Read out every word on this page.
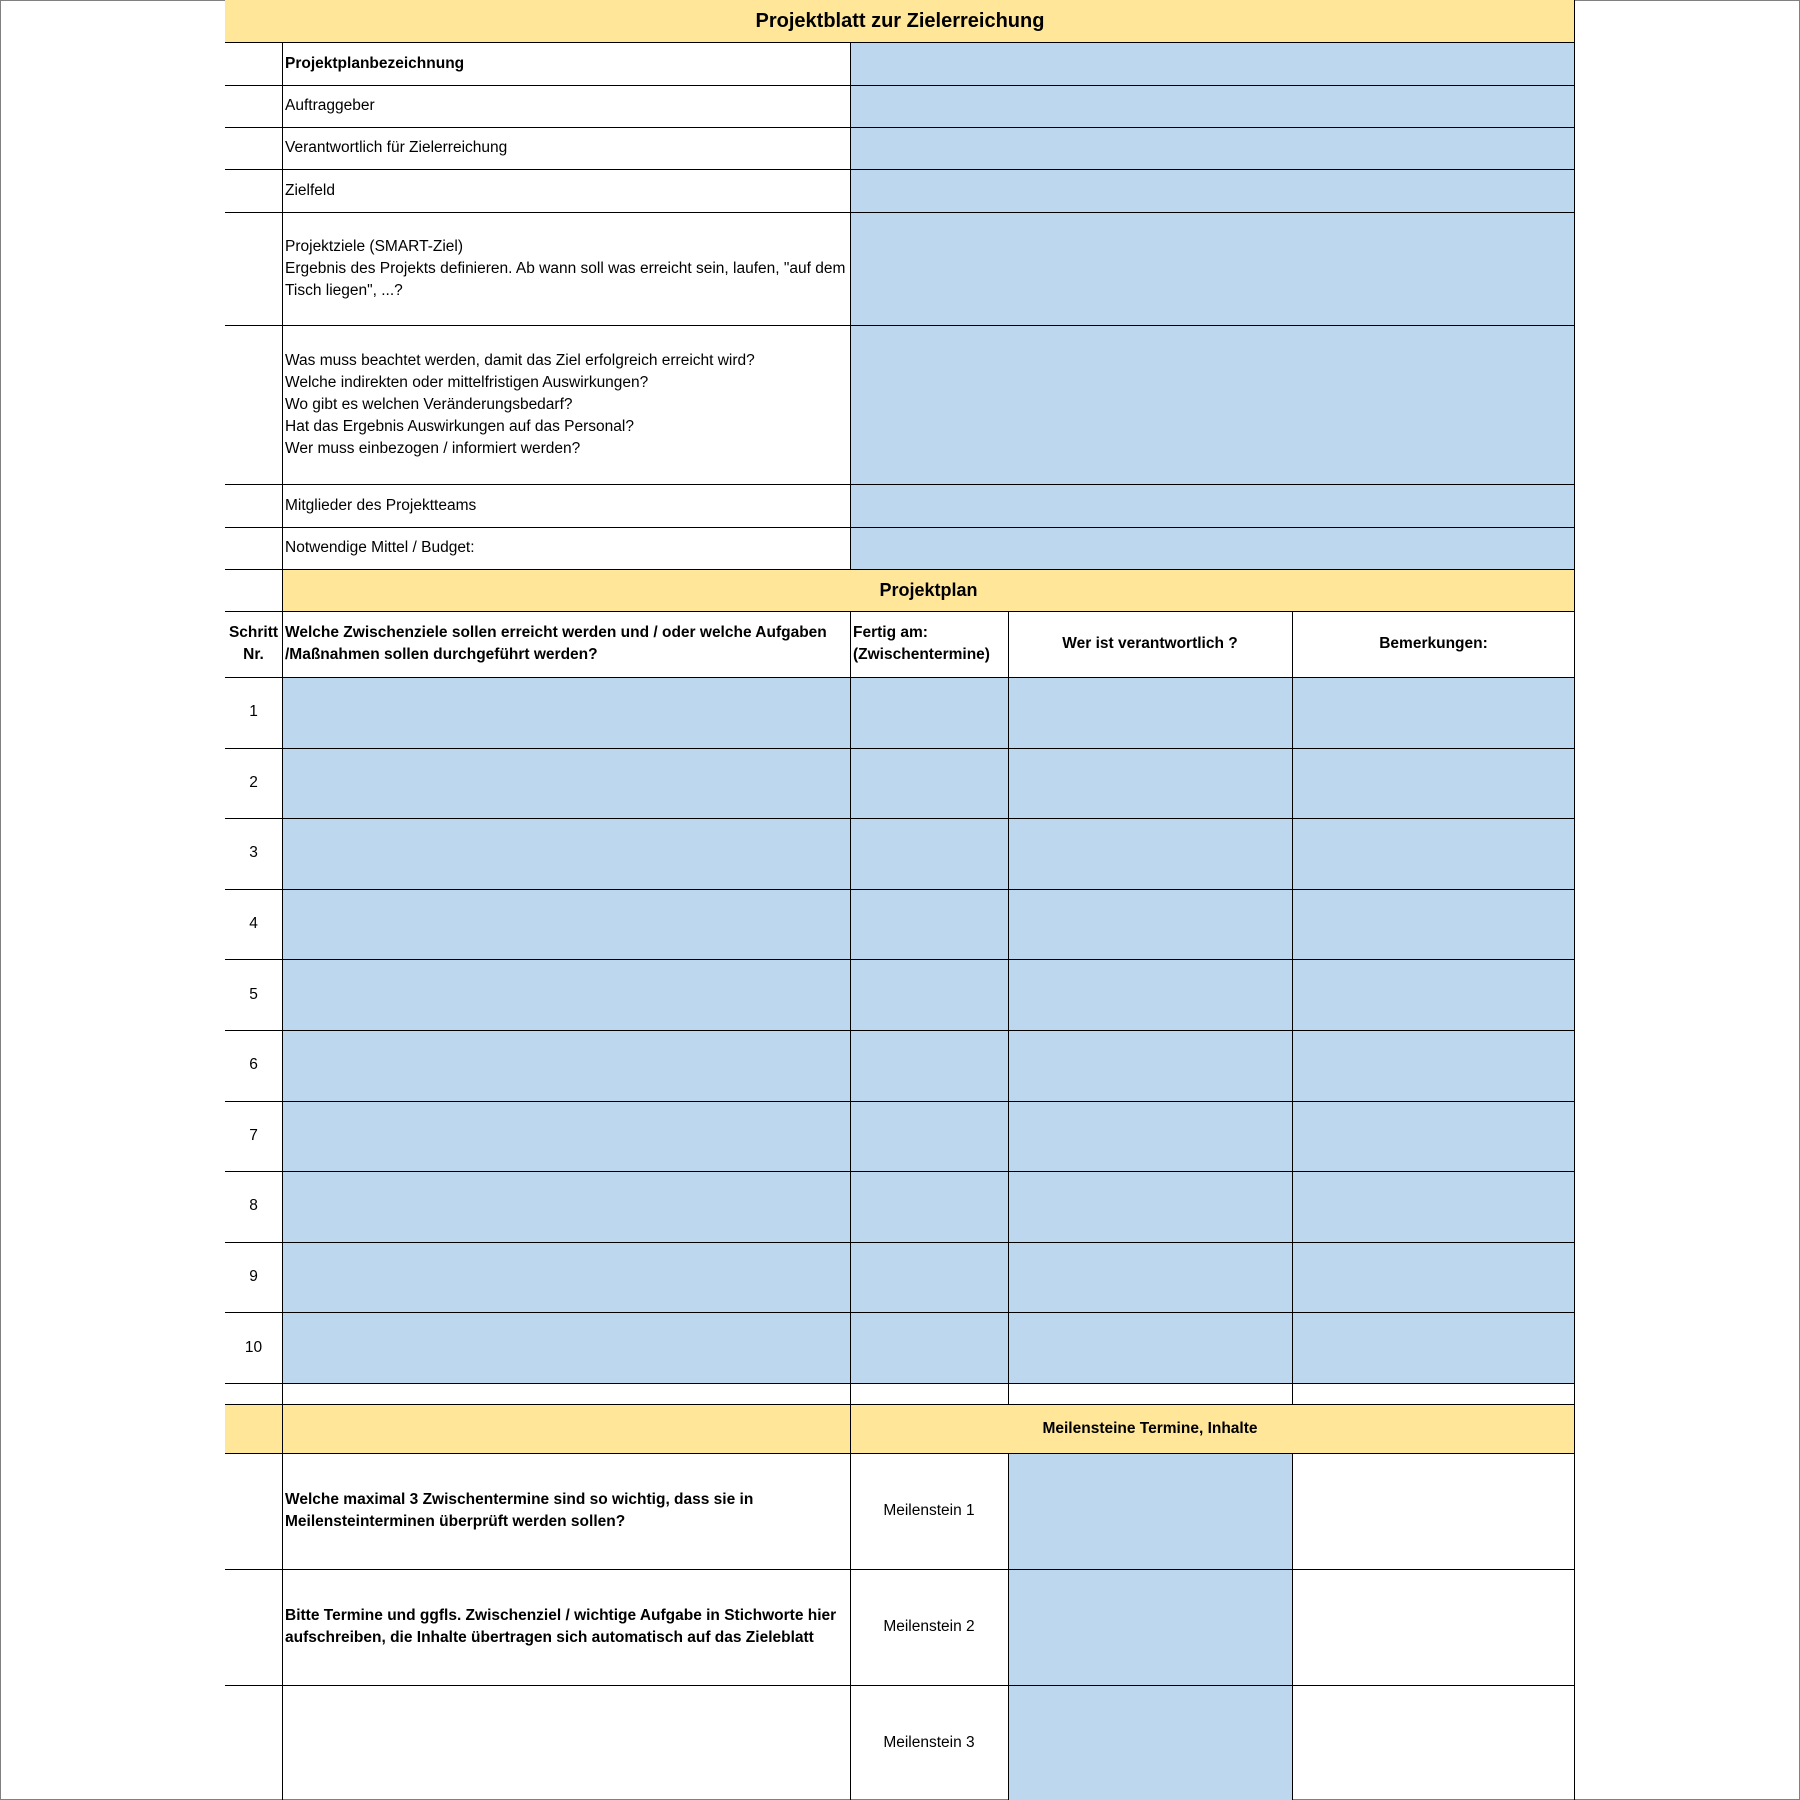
Projektblatt zur Zielerreichung
Projektplanbezeichnung
Auftraggeber
Verantwortlich für Zielerreichung
Zielfeld
Projektziele (SMART-Ziel)
Ergebnis des Projekts definieren. Ab wann soll was erreicht sein, laufen, "auf dem Tisch liegen", ...?
Was muss beachtet werden, damit das Ziel erfolgreich erreicht wird?
Welche indirekten oder mittelfristigen Auswirkungen?
Wo gibt es welchen Veränderungsbedarf?
Hat das Ergebnis Auswirkungen auf das Personal?
Wer muss einbezogen / informiert werden?
Mitglieder des Projektteams
Notwendige Mittel / Budget:
Projektplan
Schritt
Nr.
Welche Zwischenziele sollen erreicht werden und / oder welche Aufgaben /Maßnahmen sollen durchgeführt werden?
Fertig am:
(Zwischentermine)
Wer ist verantwortlich ?	Bemerkungen:
1
2
3
4
5
6
7
8
9
10
Meilensteine Termine, Inhalte
Welche maximal 3 Zwischentermine sind so wichtig, dass sie in Meilensteinterminen überprüft werden sollen?
Bitte Termine und ggfls. Zwischenziel / wichtige Aufgabe in Stichworte hier aufschreiben, die Inhalte übertragen sich automatisch auf das Zieleblatt
Meilenstein 1
Meilenstein 2
Meilenstein 3
